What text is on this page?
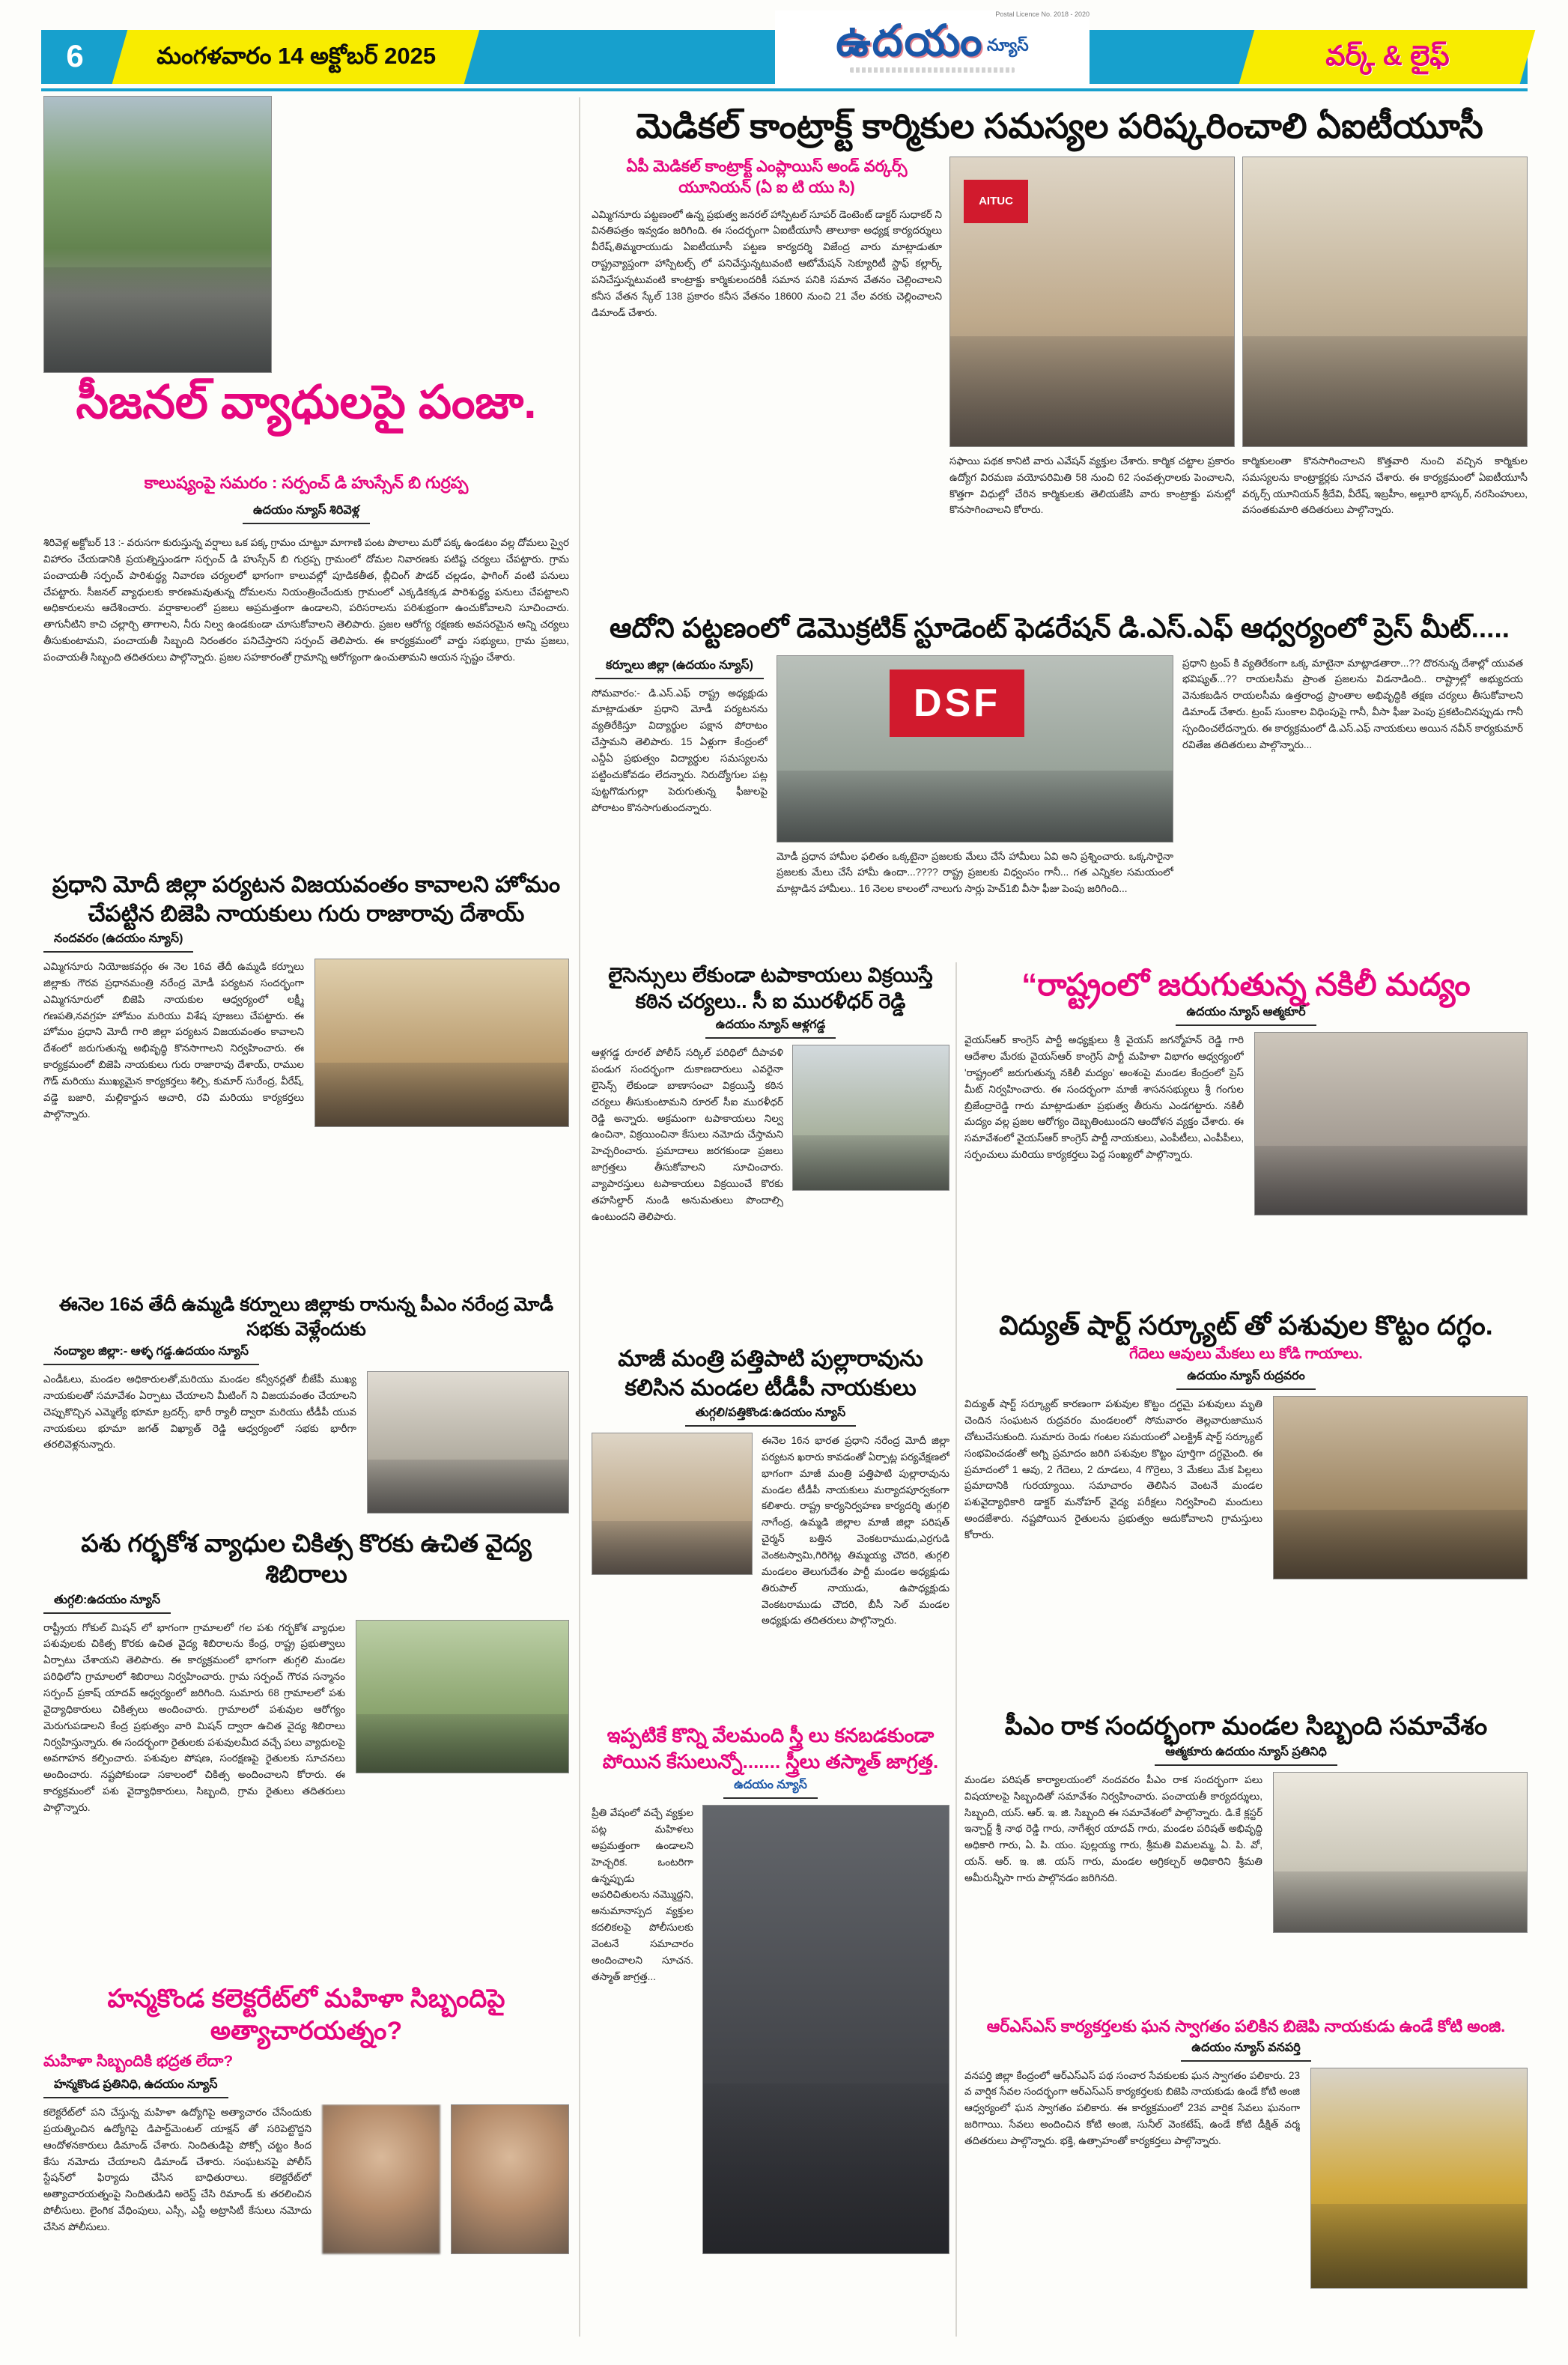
6	మంగళవారం 14 అక్టోబర్ 2025
Postal Licence No. 2018 - 2020
ఉదయం న్యూస్	వర్క్ & లైఫ్
సీజనల్ వ్యాధులపై పంజా.
కాలుష్యంపై సమరం : సర్పంచ్ డి హుస్సేన్ బి గుర్రప్ప
ఉదయం న్యూస్ శిరివెళ్ల
శిరివెళ్ల అక్టోబర్ 13 :- వరుసగా కురుస్తున్న వర్షాలు ఒక పక్క గ్రామం చూట్టూ మాగాణి పంట పొలాలు మరో పక్క ఉండటం వల్ల దోమలు స్వైర విహారం చేయడానికి ప్రయత్నిస్తుండగా సర్పంచ్ డి హుస్సేన్ బి గుర్రప్ప గ్రామంలో దోమల నివారణకు పటిష్ట చర్యలు చేపట్టారు. గ్రామ పంచాయతీ సర్పంచ్ పారిశుద్ధ్య నివారణ చర్యలలో భాగంగా కాలువల్లో పూడికతీత, బ్లీచింగ్ పౌడర్ చల్లడం, ఫాగింగ్ వంటి పనులు చేపట్టారు. సీజనల్ వ్యాధులకు కారణమవుతున్న దోమలను నియంత్రించేందుకు గ్రామంలో ఎక్కడికక్కడ పారిశుద్ధ్య పనులు చేపట్టాలని అధికారులను ఆదేశించారు. వర్షాకాలంలో ప్రజలు అప్రమత్తంగా ఉండాలని, పరిసరాలను పరిశుభ్రంగా ఉంచుకోవాలని సూచించారు. తాగునీటిని కాచి చల్లార్చి తాగాలని, నీరు నిల్వ ఉండకుండా చూసుకోవాలని తెలిపారు. ప్రజల ఆరోగ్య రక్షణకు అవసరమైన అన్ని చర్యలు తీసుకుంటామని, పంచాయతీ సిబ్బంది నిరంతరం పనిచేస్తారని సర్పంచ్ తెలిపారు. ఈ కార్యక్రమంలో వార్డు సభ్యులు, గ్రామ ప్రజలు, పంచాయతీ సిబ్బంది తదితరులు పాల్గొన్నారు. ప్రజల సహకారంతో గ్రామాన్ని ఆరోగ్యంగా ఉంచుతామని ఆయన స్పష్టం చేశారు.
ప్రధాని మోదీ జిల్లా పర్యటన విజయవంతం కావాలని హోమం చేపట్టిన బిజెపి నాయకులు గురు రాజారావు దేశాయ్
నందవరం (ఉదయం న్యూస్)
ఎమ్మిగనూరు నియోజకవర్గం ఈ నెల 16వ తేదీ ఉమ్మడి కర్నూలు జిల్లాకు గౌరవ ప్రధానమంత్రి నరేంద్ర మోడీ పర్యటన సందర్భంగా ఎమ్మిగనూరులో బిజెపి నాయకుల ఆధ్వర్యంలో లక్ష్మీ గణపతి,నవగ్రహ హోమం మరియు విశేష పూజలు చేపట్టారు. ఈ హోమం ప్రధాని మోదీ గారి జిల్లా పర్యటన విజయవంతం కావాలని దేశంలో జరుగుతున్న అభివృద్ధి కొనసాగాలని నిర్వహించారు. ఈ కార్యక్రమంలో బిజెపి నాయకులు గురు రాజారావు దేశాయ్, రాముల గౌడ్ మరియు ముఖ్యమైన కార్యకర్తలు శిల్పి, కుమార్ సురేంద్ర, వీరేష్, వడ్డె బజారి, మల్లికార్జున ఆచారి, రవి మరియు కార్యకర్తలు పాల్గొన్నారు.
ఈనెల 16వ తేదీ ఉమ్మడి కర్నూలు జిల్లాకు రానున్న పీఎం నరేంద్ర మోడీ సభకు వెళ్లేందుకు
నంద్యాల జిల్లా:- ఆళ్ళ గడ్డ.ఉదయం న్యూస్
ఎండీఓలు, మండల అధికారులతో,మరియు మండల కన్వీనర్లతో బీజేపీ ముఖ్య నాయకులతో సమావేశం ఏర్పాటు చేయాలని మీటింగ్ ని విజయవంతం చేయాలని చెప్పుకొచ్చిన ఎమ్మెల్యే భూమా బ్రదర్స్. భారీ ర్యాలీ ద్వారా మరియు టీడీపీ యువ నాయకులు భూమా జగత్ విఖ్యాత్ రెడ్డి ఆధ్వర్యంలో సభకు భారీగా తరలివెళ్లనున్నారు.
పశు గర్భకోశ వ్యాధుల చికిత్స కొరకు ఉచిత వైద్య శిబిరాలు
తుగ్గలి:ఉదయం న్యూస్
రాష్ట్రీయ గోకుల్ మిషన్ లో భాగంగా గ్రామాలలో గల పశు గర్భకోశ వ్యాధుల పశువులకు చికిత్స కొరకు ఉచిత వైద్య శిబిరాలను కేంద్ర, రాష్ట్ర ప్రభుత్వాలు ఏర్పాటు చేశాయని తెలిపారు. ఈ కార్యక్రమంలో భాగంగా తుగ్గలి మండల పరిధిలోని గ్రామాలలో శిబిరాలు నిర్వహించారు. గ్రామ సర్పంచ్ గౌరవ సన్మానం సర్పంచ్ ప్రకాష్ యాదవ్ ఆధ్వర్యంలో జరిగింది. సుమారు 68 గ్రామాలలో పశు వైద్యాధికారులు చికిత్సలు అందించారు. గ్రామాలలో పశువుల ఆరోగ్యం మెరుగుపడాలని కేంద్ర ప్రభుత్వం వారి మిషన్ ద్వారా ఉచిత వైద్య శిబిరాలు నిర్వహిస్తున్నారు. ఈ సందర్భంగా రైతులకు పశువులమీద వచ్చే పలు వ్యాధులపై అవగాహన కల్పించారు. పశువుల పోషణ, సంరక్షణపై రైతులకు సూచనలు అందించారు. నష్టపోకుండా సకాలంలో చికిత్స అందించాలని కోరారు. ఈ కార్యక్రమంలో పశు వైద్యాధికారులు, సిబ్బంది, గ్రామ రైతులు తదితరులు పాల్గొన్నారు.
హన్మకొండ కలెక్టరేట్‌లో మహిళా సిబ్బందిపై అత్యాచారయత్నం?
మహిళా సిబ్బందికి భద్రత లేదా?
హన్మకొండ ప్రతినిధి, ఉదయం న్యూస్
కలెక్టరేట్‌లో పని చేస్తున్న మహిళా ఉద్యోగిపై అత్యాచారం చేసేందుకు ప్రయత్నించిన ఉద్యోగిపై డిపార్ట్‌మెంటల్ యాక్షన్ తో సరిపెట్టొద్దని ఆందోళనకారులు డిమాండ్ చేశారు. నిందితుడిపై పోక్సో చట్టం కింద కేసు నమోదు చేయాలని డిమాండ్ చేశారు. సంఘటనపై పోలీస్ స్టేషన్‌లో ఫిర్యాదు చేసిన బాధితురాలు. కలెక్టరేట్‌లో అత్యాచారయత్నంపై నిందితుడిని అరెస్ట్ చేసి రిమాండ్ కు తరలించిన పోలీసులు. లైంగిక వేధింపులు, ఎస్సీ, ఎస్టీ అట్రాసిటీ కేసులు నమోదు చేసిన పోలీసులు.
మెడికల్ కాంట్రాక్ట్ కార్మికుల సమస్యల పరిష్కరించాలి ఏఐటీయూసీ
ఏపీ మెడికల్ కాంట్రాక్ట్ ఎంప్లాయిస్ అండ్ వర్కర్స్ యూనియన్ (ఏ ఐ టి యు సి)
ఎమ్మిగనూరు పట్టణంలో ఉన్న ప్రభుత్వ జనరల్ హాస్పిటల్ సూపర్ డెంటెంట్ డాక్టర్ సుధాకర్ ని వినతిపత్రం ఇవ్వడం జరిగింది. ఈ సందర్భంగా ఏఐటీయూసీ తాలూకా అధ్యక్ష కార్యదర్శులు వీరేష్,తిమ్మరాయుడు ఏఐటీయూసీ పట్టణ కార్యదర్శి విజేంద్ర వారు మాట్లాడుతూ రాష్ట్రవ్యాప్తంగా హాస్పిటల్స్ లో పనిచేస్తున్నటువంటి ఆటోమేషన్ సెక్యూరిటీ స్టాఫ్ కల్లార్క్ పనిచేస్తున్నటువంటి కాంట్రాక్టు కార్మికులందరికీ సమాన పనికి సమాన వేతనం చెల్లించాలని కనీస వేతన స్కేల్ 138 ప్రకారం కనీస వేతనం 18600 నుంచి 21 వేల వరకు చెల్లించాలని డిమాండ్ చేశారు.
AITUC
సఫాయి పథక కానిటి వారు ఎవేషన్ వ్యక్తుల చేశారు. కార్మిక చట్టాల ప్రకారం ఉద్యోగ విరమణ వయోపరిమితి 58 నుంచి 62 సంవత్సరాలకు పెంచాలని, కొత్తగా విధుల్లో చేరిన కార్మికులకు తెలియజేసి వారు కాంట్రాక్టు పనుల్లో కొనసాగించాలని కోరారు.
కార్మికులంతా కొనసాగించాలని కొత్తవారి నుంచి వచ్చిన కార్మికుల సమస్యలను కాంట్రాక్టర్లకు సూచన చేశారు. ఈ కార్యక్రమంలో ఏఐటీయూసీ వర్కర్స్ యూనియన్ శ్రీదేవి, వీరేష్, ఇబ్రహీం, అల్లూరి భాస్కర్, నరసింహులు, వసంతకుమారి తదితరులు పాల్గొన్నారు.
ఆదోని పట్టణంలో డెమొక్రటిక్ స్టూడెంట్ ఫెడరేషన్ డి.ఎస్.ఎఫ్ ఆధ్వర్యంలో ప్రెస్ మీట్.....
కర్నూలు జిల్లా (ఉదయం న్యూస్)
సోమవారం:- డి.ఎస్.ఎఫ్ రాష్ట్ర అధ్యక్షుడు మాట్లాడుతూ ప్రధాని మోడీ పర్యటనను వ్యతిరేకిస్తూ విద్యార్థుల పక్షాన పోరాటం చేస్తామని తెలిపారు. 15 ఏళ్లుగా కేంద్రంలో ఎన్డీఏ ప్రభుత్వం విద్యార్థుల సమస్యలను పట్టించుకోవడం లేదన్నారు. నిరుద్యోగుల పట్ల పుట్టగొడుగుల్లా పెరుగుతున్న ఫీజులపై పోరాటం కొనసాగుతుందన్నారు.
DSF
మోడీ ప్రధాన హామీల ఫలితం ఒక్కటైనా ప్రజలకు మేలు చేసే హామీలు ఏవి అని ప్రశ్నించారు. ఒక్కసారైనా ప్రజలకు మేలు చేసే హామీ ఉందా...???? రాష్ట్ర ప్రజలకు విధ్వంసం గానీ... గత ఎన్నికల సమయంలో మాట్లాడిన హామీలు.. 16 నెలల కాలంలో నాలుగు సార్లు హెచ్1బి వీసా ఫీజు పెంపు జరిగింది...
ప్రధాని ట్రంప్ కి వ్యతిరేకంగా ఒక్క మాటైనా మాట్లాడతారా...?? దొరనున్న దేశాల్లో యువత భవిష్యత్...?? రాయలసీమ ప్రాంత ప్రజలను విడనాడింది.. రాష్ట్రాల్లో అభ్యుదయ వెనుకబడిన రాయలసీమ ఉత్తరాంధ్ర ప్రాంతాల అభివృద్ధికి తక్షణ చర్యలు తీసుకోవాలని డిమాండ్ చేశారు. ట్రంప్ సుంకాల విధింపుపై గానీ, వీసా ఫీజు పెంపు ప్రకటించినప్పుడు గానీ స్పందించలేదన్నారు. ఈ కార్యక్రమంలో డి.ఎస్.ఎఫ్ నాయకులు అయిన నవీన్ కార్యకుమార్ రవితేజ తదితరులు పాల్గొన్నారు...
లైసెన్సులు లేకుండా టపాకాయలు విక్రయిస్తే కఠిన చర్యలు.. సీ ఐ మురళీధర్ రెడ్డి
ఉదయం న్యూస్ ఆళ్లగడ్డ
ఆళ్లగడ్డ రూరల్ పోలీస్ సర్కిల్ పరిధిలో దీపావళి పండుగ సందర్భంగా దుకాణదారులు ఎవరైనా లైసెన్స్ లేకుండా బాణాసంచా విక్రయిస్తే కఠిన చర్యలు తీసుకుంటామని రూరల్ సీఐ మురళీధర్ రెడ్డి అన్నారు. అక్రమంగా టపాకాయలు నిల్వ ఉంచినా, విక్రయించినా కేసులు నమోదు చేస్తామని హెచ్చరించారు. ప్రమాదాలు జరగకుండా ప్రజలు జాగ్రత్తలు తీసుకోవాలని సూచించారు. వ్యాపారస్తులు టపాకాయలు విక్రయించే కొరకు తహసిల్దార్ నుండి అనుమతులు పొందాల్సి ఉంటుందని తెలిపారు.
“రాష్ట్రంలో జరుగుతున్న నకిలీ మద్యం
ఉదయం న్యూస్ ఆత్మకూర్
వైయస్ఆర్ కాంగ్రెస్ పార్టీ అధ్యక్షులు శ్రీ వైయస్ జగన్మోహన్ రెడ్డి గారి ఆదేశాల మేరకు వైయస్ఆర్ కాంగ్రెస్ పార్టీ మహిళా విభాగం ఆధ్వర్యంలో 'రాష్ట్రంలో జరుగుతున్న నకిలీ మద్యం' అంశంపై మండల కేంద్రంలో ప్రెస్ మీట్ నిర్వహించారు. ఈ సందర్భంగా మాజీ శాసనసభ్యులు శ్రీ గంగుల బ్రిజేంద్రారెడ్డి గారు మాట్లాడుతూ ప్రభుత్వ తీరును ఎండగట్టారు. నకిలీ మద్యం వల్ల ప్రజల ఆరోగ్యం దెబ్బతింటుందని ఆందోళన వ్యక్తం చేశారు. ఈ సమావేశంలో వైయస్ఆర్ కాంగ్రెస్ పార్టీ నాయకులు, ఎంపీటీలు, ఎంపీపీలు, సర్పంచులు మరియు కార్యకర్తలు పెద్ద సంఖ్యలో పాల్గొన్నారు.
విద్యుత్ షార్ట్ సర్క్యూట్ తో పశువుల కొట్టం దగ్ధం.
గేదెలు ఆవులు మేకలు లు కోడి గాయాలు.
ఉదయం న్యూస్ రుద్రవరం
విద్యుత్ షార్ట్ సర్క్యూట్ కారణంగా పశువుల కొట్టం దగ్ధమై పశువులు మృతి చెందిన సంఘటన రుద్రవరం మండలంలో సోమవారం తెల్లవారుజామున చోటుచేసుకుంది. సుమారు రెండు గంటల సమయంలో ఎలక్ట్రిక్ షార్ట్ సర్క్యూట్ సంభవించడంతో అగ్ని ప్రమాదం జరిగి పశువుల కొట్టం పూర్తిగా దగ్ధమైంది. ఈ ప్రమాదంలో 1 ఆవు, 2 గేదెలు, 2 దూడలు, 4 గొర్రెలు, 3 మేకలు మేక పిల్లలు ప్రమాదానికి గురయ్యాయి. సమాచారం తెలిసిన వెంటనే మండల పశువైద్యాధికారి డాక్టర్ మనోహర్ వైద్య పరీక్షలు నిర్వహించి మందులు అందజేశారు. నష్టపోయిన రైతులను ప్రభుత్వం ఆదుకోవాలని గ్రామస్తులు కోరారు.
మాజీ మంత్రి పత్తిపాటి పుల్లారావును కలిసిన మండల టీడీపీ నాయకులు
తుగ్గలి/పత్తికొండ:ఉదయం న్యూస్
ఈనెల 16న భారత ప్రధాని నరేంద్ర మోదీ జిల్లా పర్యటన ఖరారు కావడంతో ఏర్పాట్ల పర్యవేక్షణలో భాగంగా మాజీ మంత్రి పత్తిపాటి పుల్లారావును మండల టీడీపీ నాయకులు మర్యాదపూర్వకంగా కలిశారు. రాష్ట్ర కార్యనిర్వహణ కార్యదర్శి తుగ్గలి నాగేంద్ర, ఉమ్మడి జిల్లాల మాజీ జిల్లా పరిషత్ చైర్మన్ బత్తిన వెంకటరాముడు,ఎర్రగుడి వెంకటస్వామి,గిరిగెట్ల తిమ్మయ్య చౌదరి, తుగ్గలి మండలం తెలుగుదేశం పార్టీ మండల అధ్యక్షుడు తిరుపాల్ నాయుడు, ఉపాధ్యక్షుడు వెంకటరాముడు చౌదరి, బీసీ సెల్ మండల అధ్యక్షుడు తదితరులు పాల్గొన్నారు.
ఇప్పటికే కొన్ని వేలమంది స్త్రీ లు కనబడకుండా పోయిన కేసులున్నో....... స్త్రీలు తస్మాత్ జాగ్రత్త.
ఉదయం న్యూస్
ప్రీతి వేషంలో వచ్చే వ్యక్తుల పట్ల మహిళలు అప్రమత్తంగా ఉండాలని హెచ్చరిక. ఒంటరిగా ఉన్నప్పుడు అపరిచితులను నమ్మొద్దని, అనుమానాస్పద వ్యక్తుల కదలికలపై పోలీసులకు వెంటనే సమాచారం అందించాలని సూచన. తస్మాత్ జాగ్రత్త...
పీఎం రాక సందర్భంగా మండల సిబ్బంది సమావేశం
ఆత్మకూరు ఉదయం న్యూస్ ప్రతినిధి
మండల పరిషత్ కార్యాలయంలో నందవరం పీఎం రాక సందర్భంగా పలు విషయాలపై సిబ్బందితో సమావేశం నిర్వహించారు. పంచాయతీ కార్యదర్శులు, సిబ్బంది, యస్. ఆర్. ఇ. జి. సిబ్బంది ఈ సమావేశంలో పాల్గొన్నారు. డి.కే క్లస్టర్ ఇన్చార్జ్ శ్రీ నాథ రెడ్డి గారు, నాగేశ్వర యాదవ్ గారు, మండల పరిషత్ అభివృద్ధి అధికారి గారు, ఏ. పి. యం. పుల్లయ్య గారు, శ్రీమతి విమలమ్మ, ఏ. పి. వో, యన్. ఆర్. ఇ. జి. యస్ గారు, మండల అగ్రికల్చర్ అధికారిని శ్రీమతి అమీరున్నీసా గారు పాల్గొనడం జరిగినది.
ఆర్‌ఎస్‌ఎస్ కార్యకర్తలకు ఘన స్వాగతం పలికిన బిజెపి నాయకుడు ఉండే కోటి అంజి.
ఉదయం న్యూస్ వనపర్తి
వనపర్తి జిల్లా కేంద్రంలో ఆర్‌ఎస్‌ఎస్ పథ సంచార సేవకులకు ఘన స్వాగతం పలికారు. 23 వ వార్షిక సేవల సందర్భంగా ఆర్‌ఎస్‌ఎస్ కార్యకర్తలకు బిజెపి నాయకుడు ఉండే కోటి అంజి ఆధ్వర్యంలో ఘన స్వాగతం పలికారు. ఈ కార్యక్రమంలో 23వ వార్షిక సేవలు ఘనంగా జరిగాయి. సేవలు అందించిన కోటి అంజి, సునీల్ వెంకటేష్, ఉండే కోటి డీక్షిత్ వర్మ తదితరులు పాల్గొన్నారు. భక్తి, ఉత్సాహంతో కార్యకర్తలు పాల్గొన్నారు.
